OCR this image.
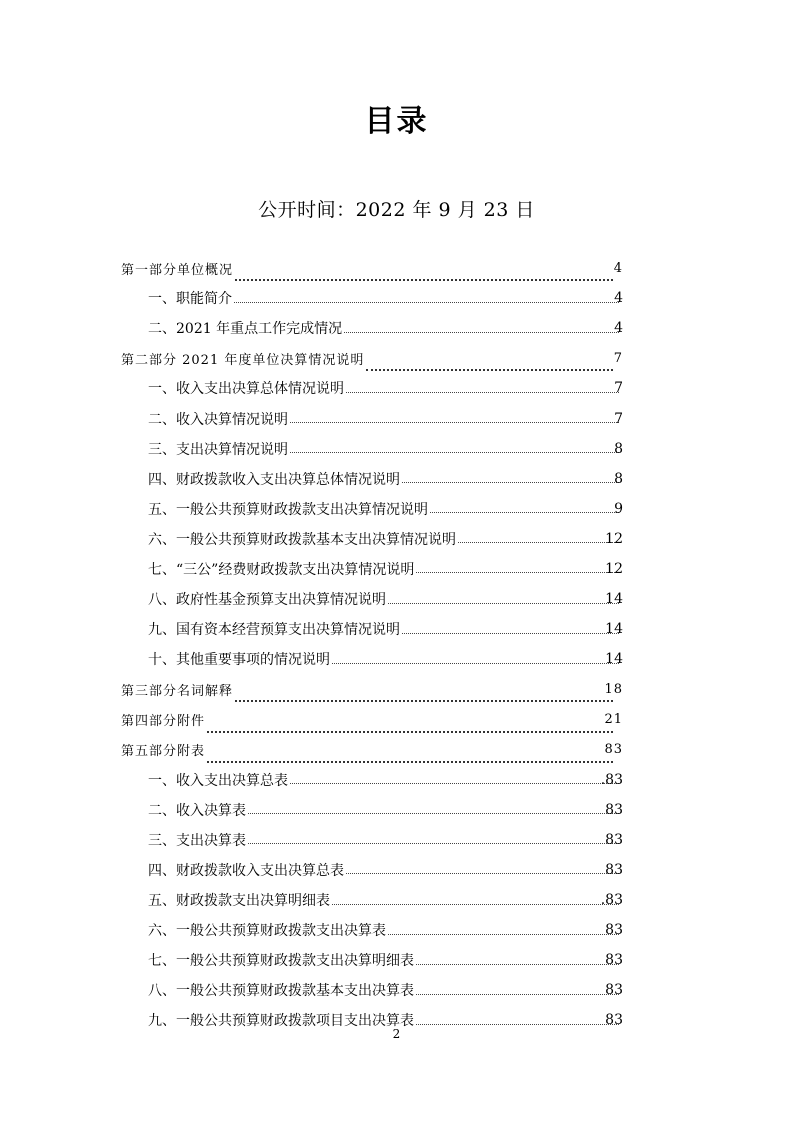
目录
公开时间：2022 年 9 月 23 日
第一部分单位概况	4
一、职能简介	4
二、2021 年重点工作完成情况	4
第二部分 2021 年度单位决算情况说明	7
一、收入支出决算总体情况说明	7
二、收入决算情况说明	7
三、支出决算情况说明	8
四、财政拨款收入支出决算总体情况说明	8
五、一般公共预算财政拨款支出决算情况说明	9
六、一般公共预算财政拨款基本支出决算情况说明	12
七、“三公”经费财政拨款支出决算情况说明	12
八、政府性基金预算支出决算情况说明	14
九、国有资本经营预算支出决算情况说明	14
十、其他重要事项的情况说明	14
第三部分名词解释	18
第四部分附件	21
第五部分附表	83
一、收入支出决算总表	.83
二、收入决算表	83
三、支出决算表	83
四、财政拨款收入支出决算总表	83
五、财政拨款支出决算明细表	.83
六、一般公共预算财政拨款支出决算表	83
七、一般公共预算财政拨款支出决算明细表	83
八、一般公共预算财政拨款基本支出决算表	83
九、一般公共预算财政拨款项目支出决算表	83
2
